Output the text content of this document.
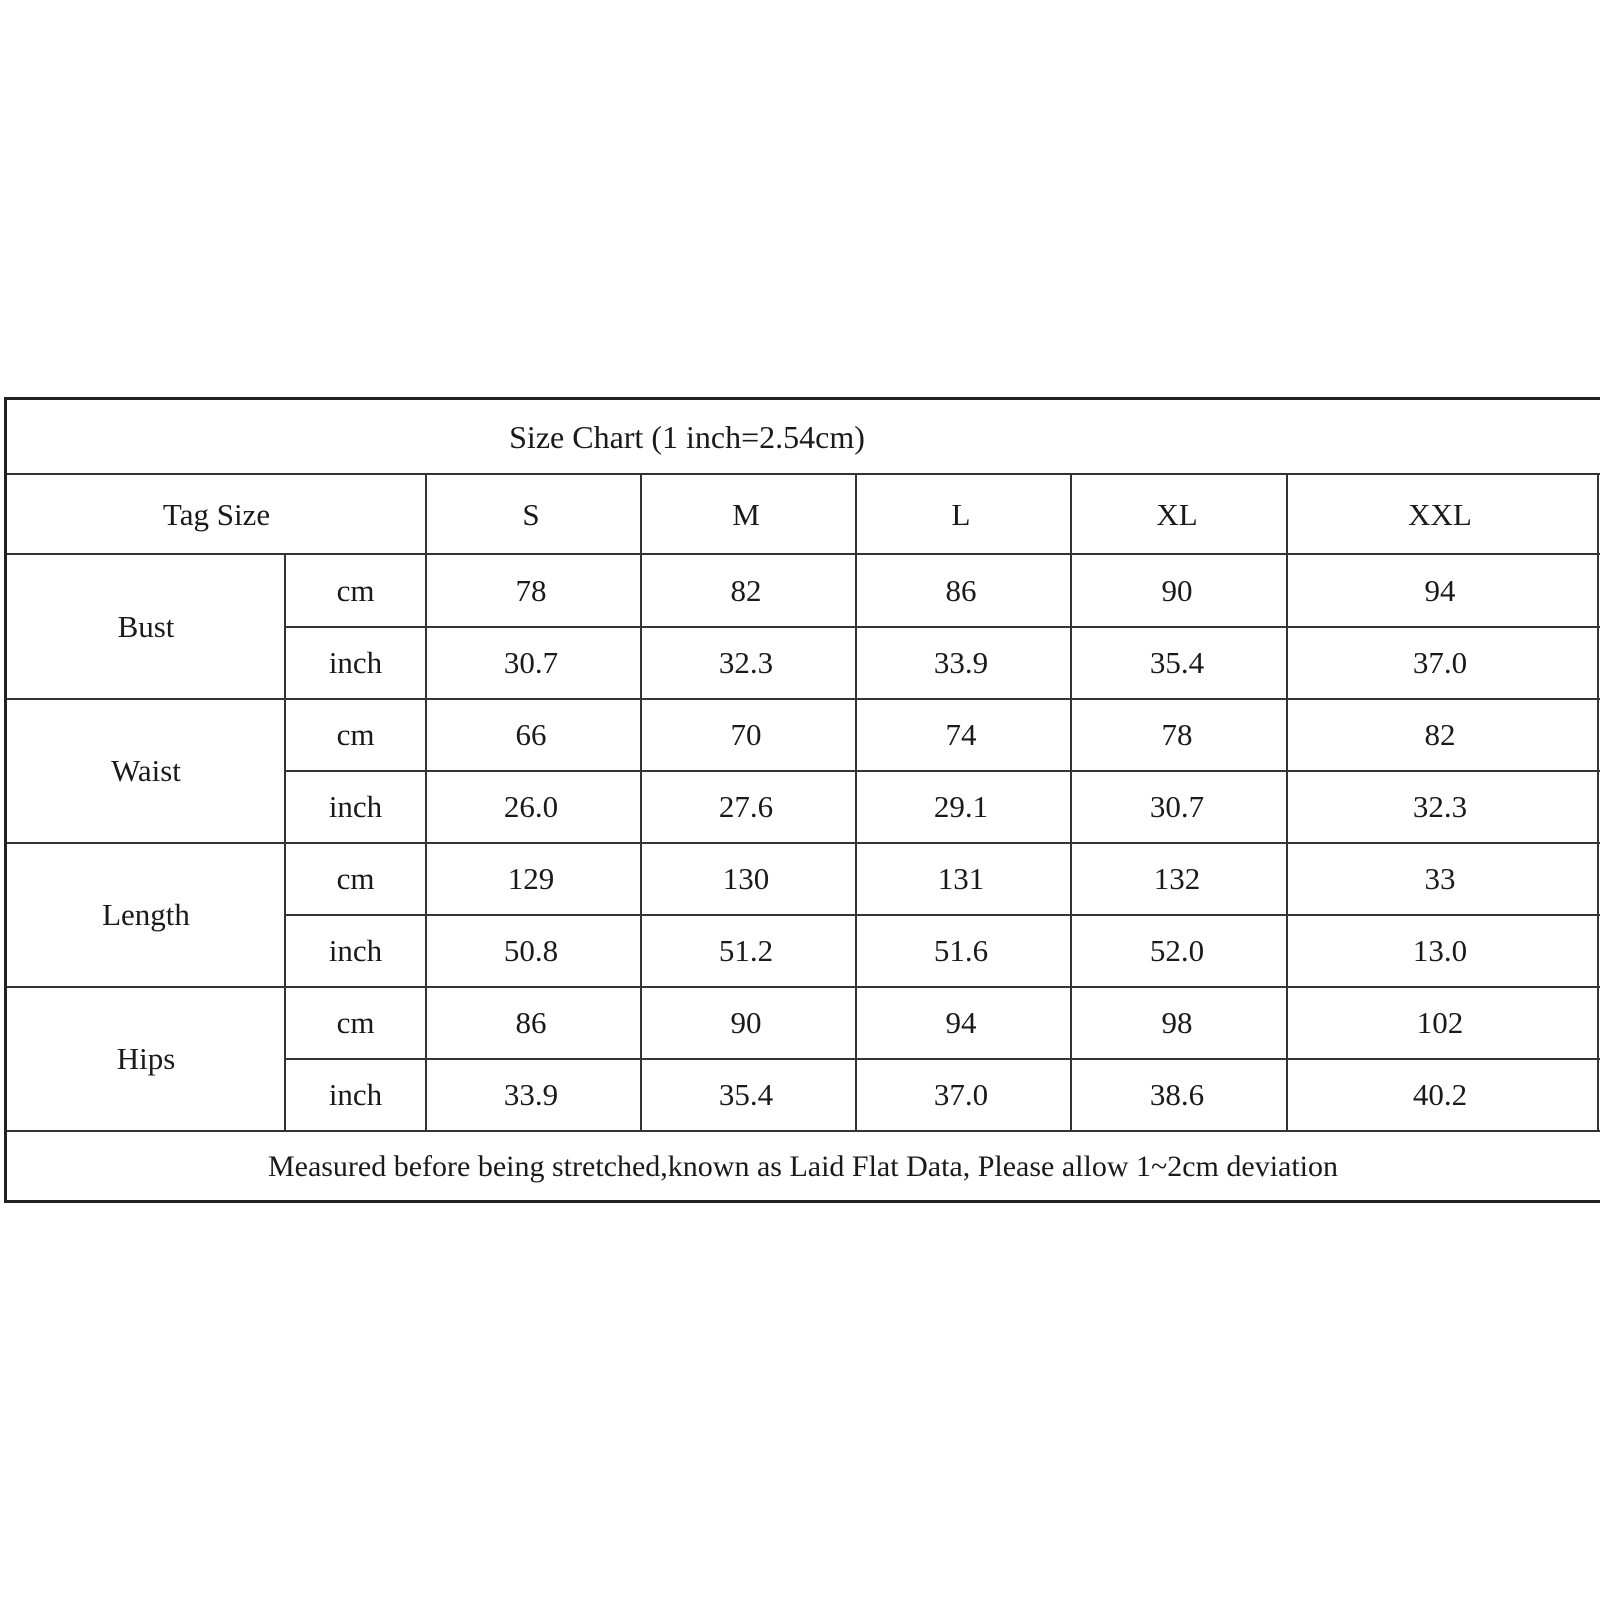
Size Chart (1 inch=2.54cm)
Tag Size	S	M	L	XL	XXL
Bust
cm	78	82	86	90	94
inch	30.7	32.3	33.9	35.4	37.0
Waist
cm	66	70	74	78	82
inch	26.0	27.6	29.1	30.7	32.3
Length
cm	129	130	131	132	33
inch	50.8	51.2	51.6	52.0	13.0
Hips
cm	86	90	94	98	102
inch	33.9	35.4	37.0	38.6	40.2
Measured before being stretched,known as Laid Flat Data, Please allow 1~2cm deviation
